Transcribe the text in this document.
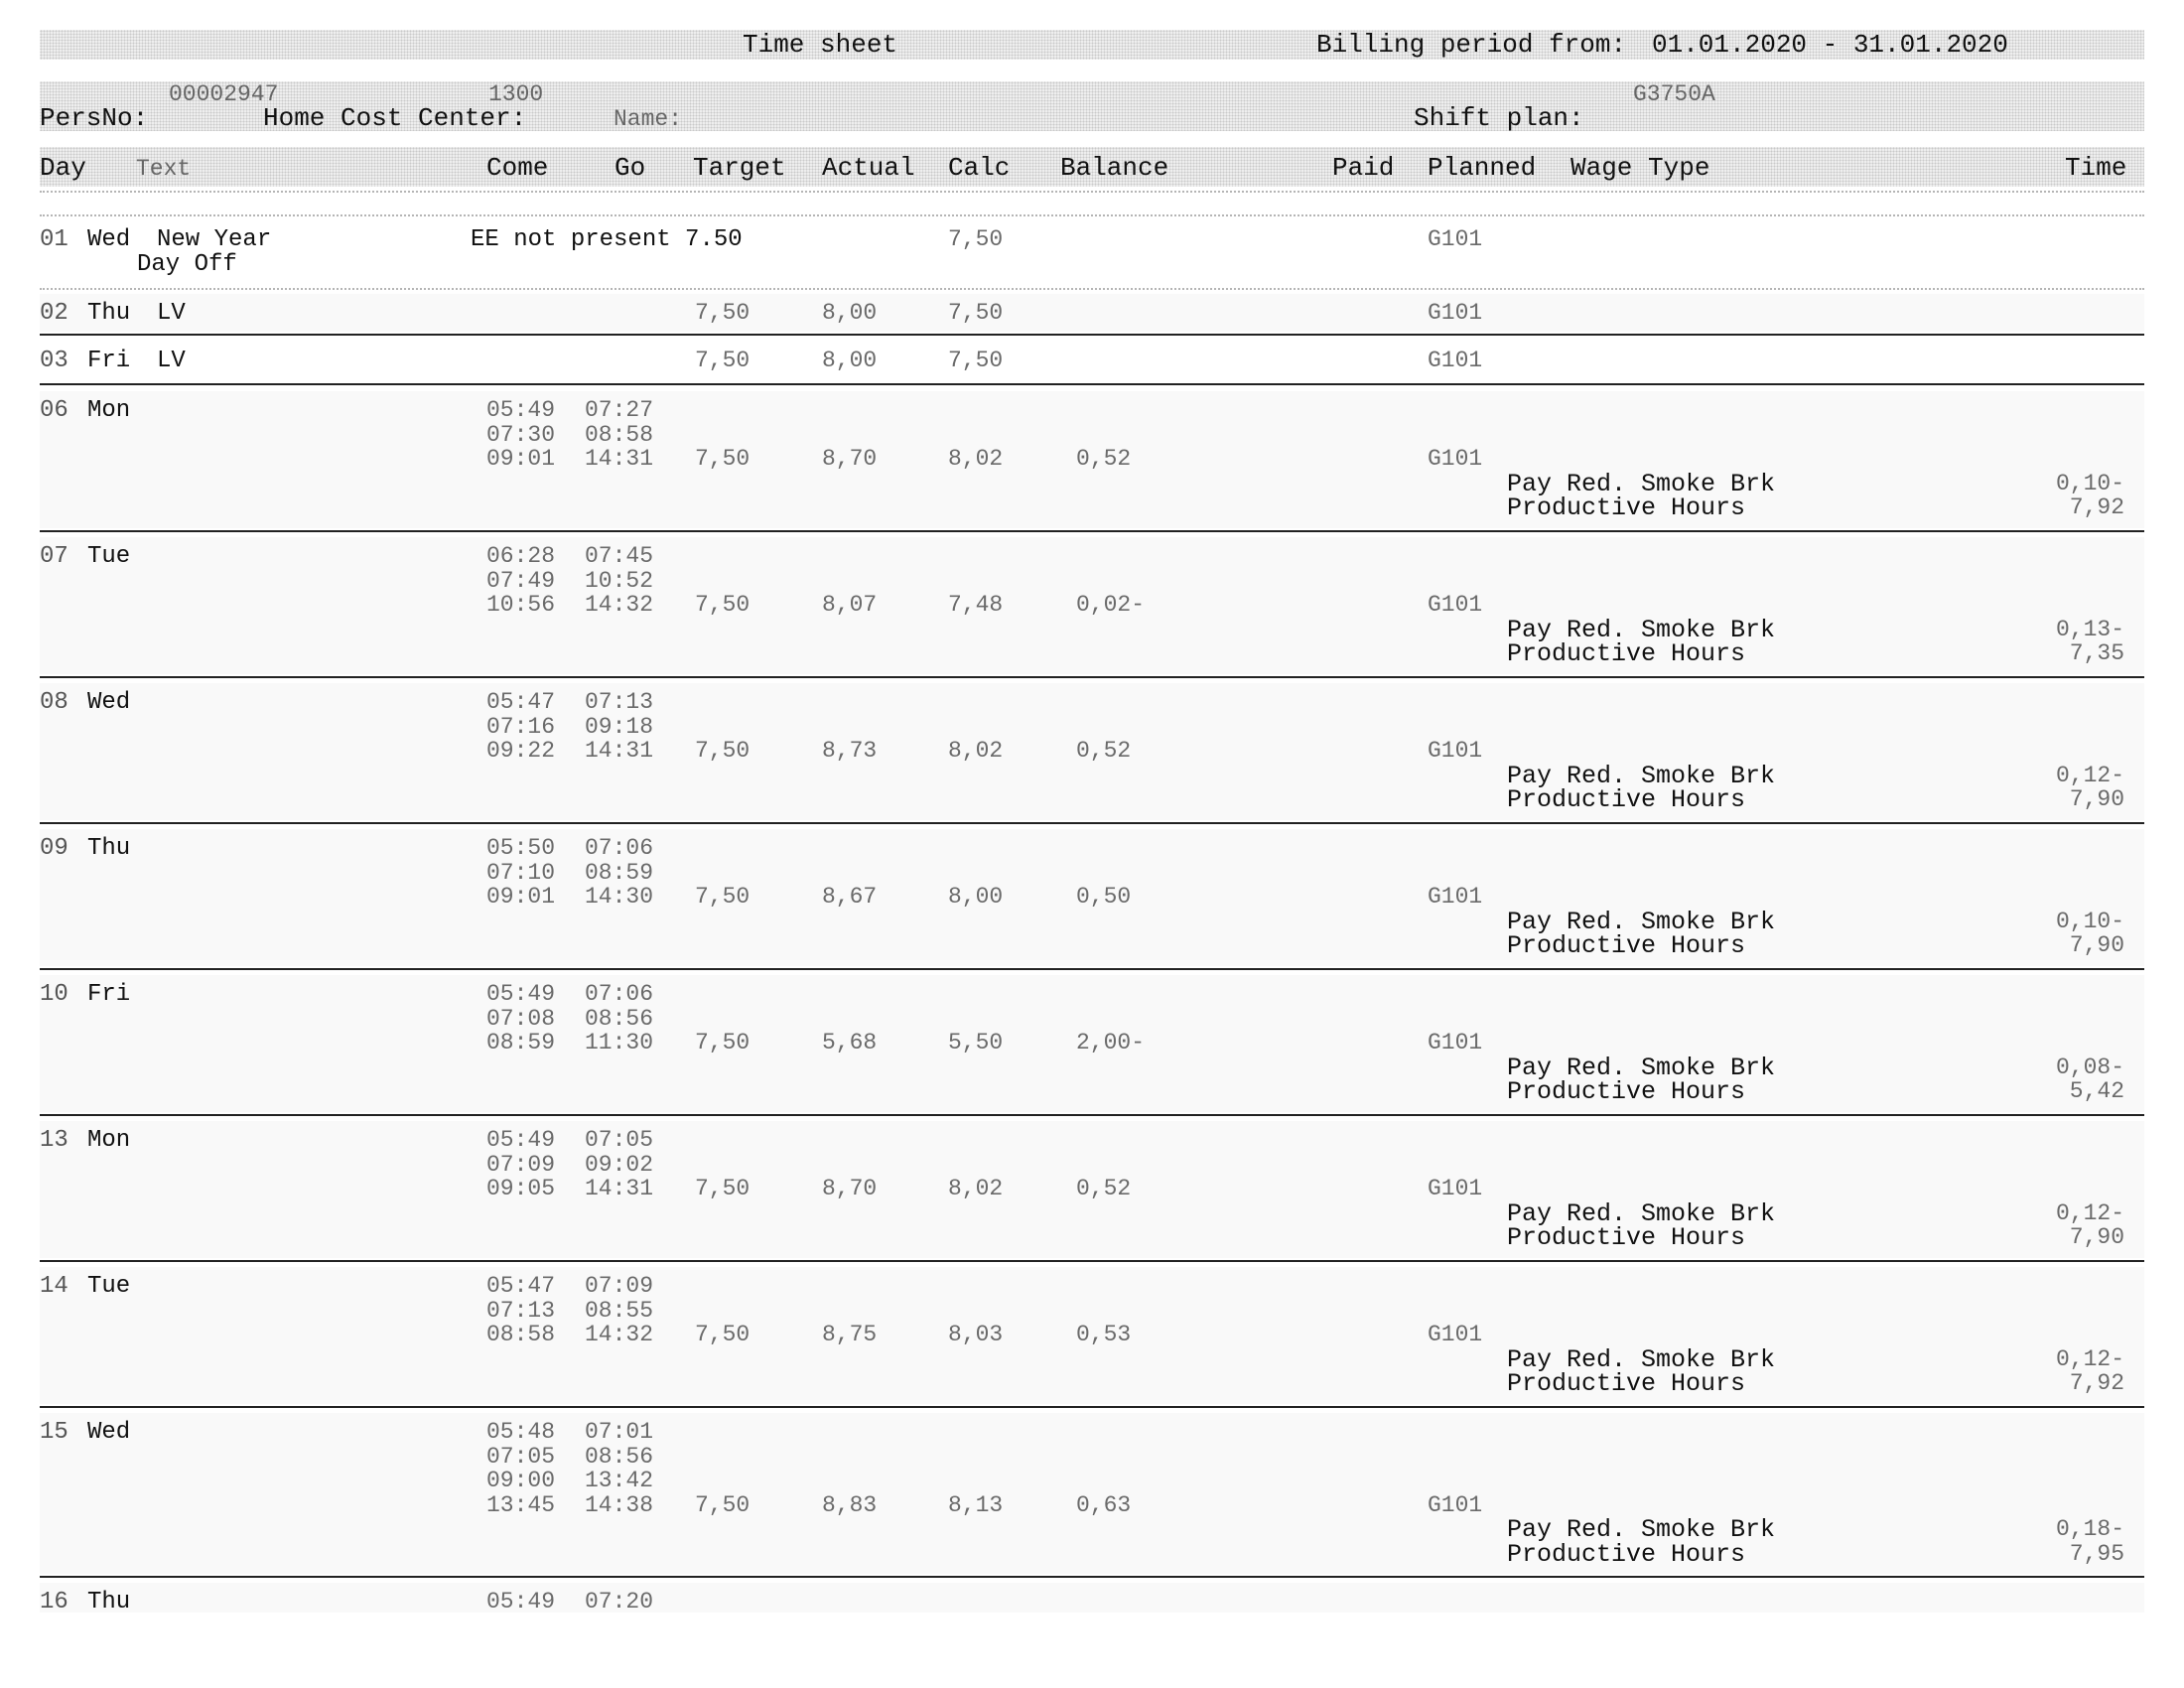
Time sheet	Billing period from: 01.01.2020 - 31.01.2020
00002947	1300	G3750A
PersNo:	Home Cost Center:	Name:	Shift plan:
Day Text	Come	Go Target Actual Calc Balance	Paid Planned Wage Type	Time
01 Wed New Year
Day Off
EE not present 7.50	7,50	G101
02 Thu LV	7,50	8,00	7,50	G101
03 Fri LV	7,50	8,00	7,50	G101
06 Mon	05:49 07:27
07:30 08:58
09:01 14:31 7,50	8,70	8,02	0,52	G101
Pay Red. Smoke Brk	0,10-
Productive Hours	7,92
07 Tue	06:28 07:45
07:49 10:52
10:56 14:32 7,50	8,07	7,48	0,02-	G101
Pay Red. Smoke Brk	0,13-
Productive Hours	7,35
08 Wed	05:47 07:13
07:16 09:18
09:22 14:31 7,50	8,73	8,02	0,52	G101
Pay Red. Smoke Brk	0,12-
Productive Hours	7,90
09 Thu	05:50 07:06
07:10 08:59
09:01 14:30 7,50	8,67	8,00	0,50	G101
Pay Red. Smoke Brk	0,10-
Productive Hours	7,90
10 Fri	05:49 07:06
07:08 08:56
08:59 11:30 7,50	5,68	5,50	2,00-	G101
Pay Red. Smoke Brk	0,08-
Productive Hours	5,42
13 Mon	05:49 07:05
07:09 09:02
09:05 14:31 7,50	8,70	8,02	0,52	G101
Pay Red. Smoke Brk	0,12-
Productive Hours	7,90
14 Tue	05:47 07:09
07:13 08:55
08:58 14:32 7,50	8,75	8,03	0,53	G101
Pay Red. Smoke Brk	0,12-
Productive Hours	7,92
15 Wed	05:48 07:01
07:05 08:56
09:00 13:42
13:45 14:38 7,50	8,83	8,13	0,63	G101
Pay Red. Smoke Brk	0,18-
Productive Hours	7,95
16 Thu	05:49 07:20
